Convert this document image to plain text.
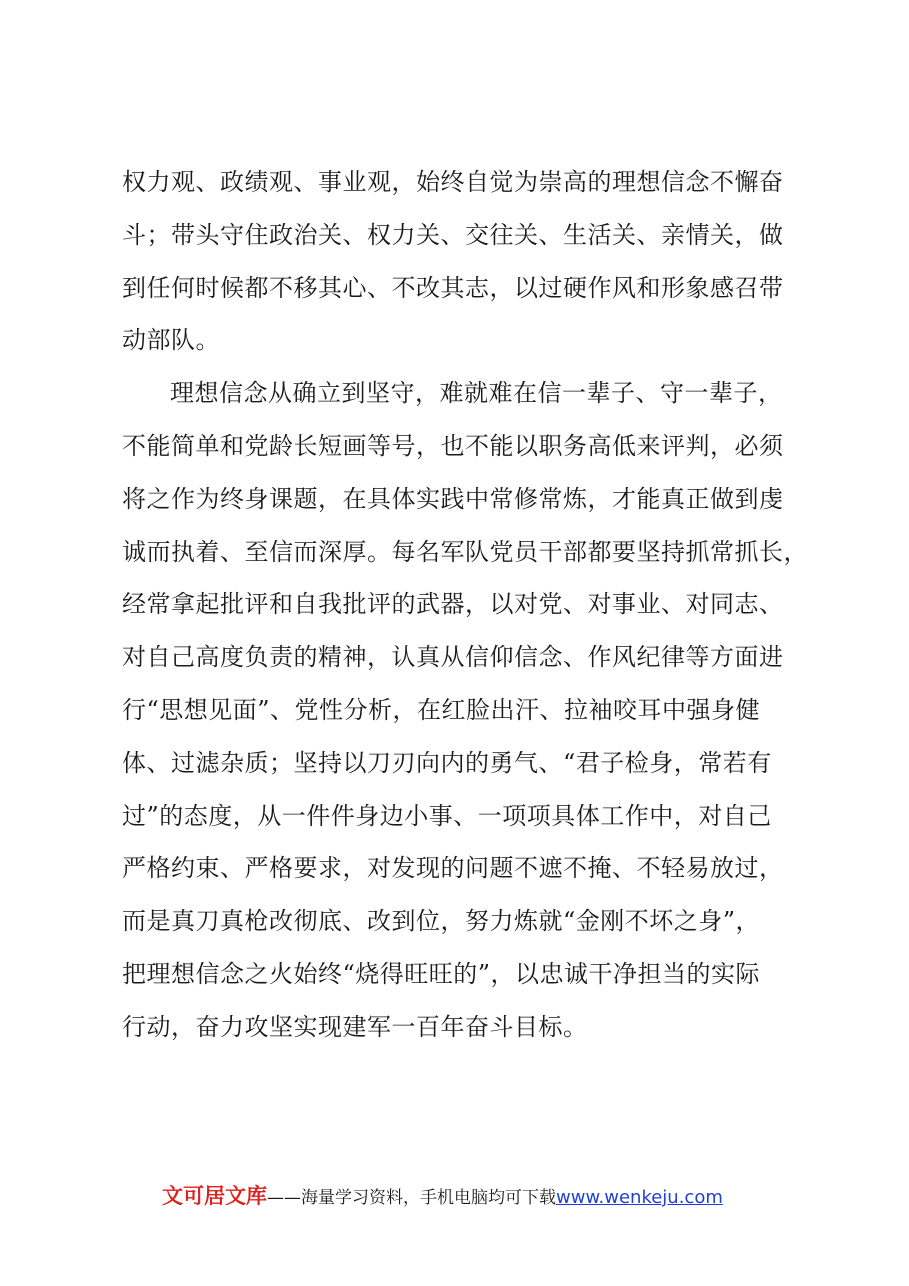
权力观、政绩观、事业观，始终自觉为崇高的理想信念不懈奋
斗；带头守住政治关、权力关、交往关、生活关、亲情关，做
到任何时候都不移其心、不改其志，以过硬作风和形象感召带
动部队。
理想信念从确立到坚守，难就难在信一辈子、守一辈子，
不能简单和党龄长短画等号，也不能以职务高低来评判，必须
将之作为终身课题，在具体实践中常修常炼，才能真正做到虔
诚而执着、至信而深厚。每名军队党员干部都要坚持抓常抓长，
经常拿起批评和自我批评的武器，以对党、对事业、对同志、
对自己高度负责的精神，认真从信仰信念、作风纪律等方面进
行“思想见面”、党性分析，在红脸出汗、拉袖咬耳中强身健
体、过滤杂质；坚持以刀刃向内的勇气、“君子检身，常若有
过”的态度，从一件件身边小事、一项项具体工作中，对自己
严格约束、严格要求，对发现的问题不遮不掩、不轻易放过，
而是真刀真枪改彻底、改到位，努力炼就“金刚不坏之身”，
把理想信念之火始终“烧得旺旺的”，以忠诚干净担当的实际
行动，奋力攻坚实现建军一百年奋斗目标。
文可居文库——海量学习资料，手机电脑均可下载www.wenkeju.com
